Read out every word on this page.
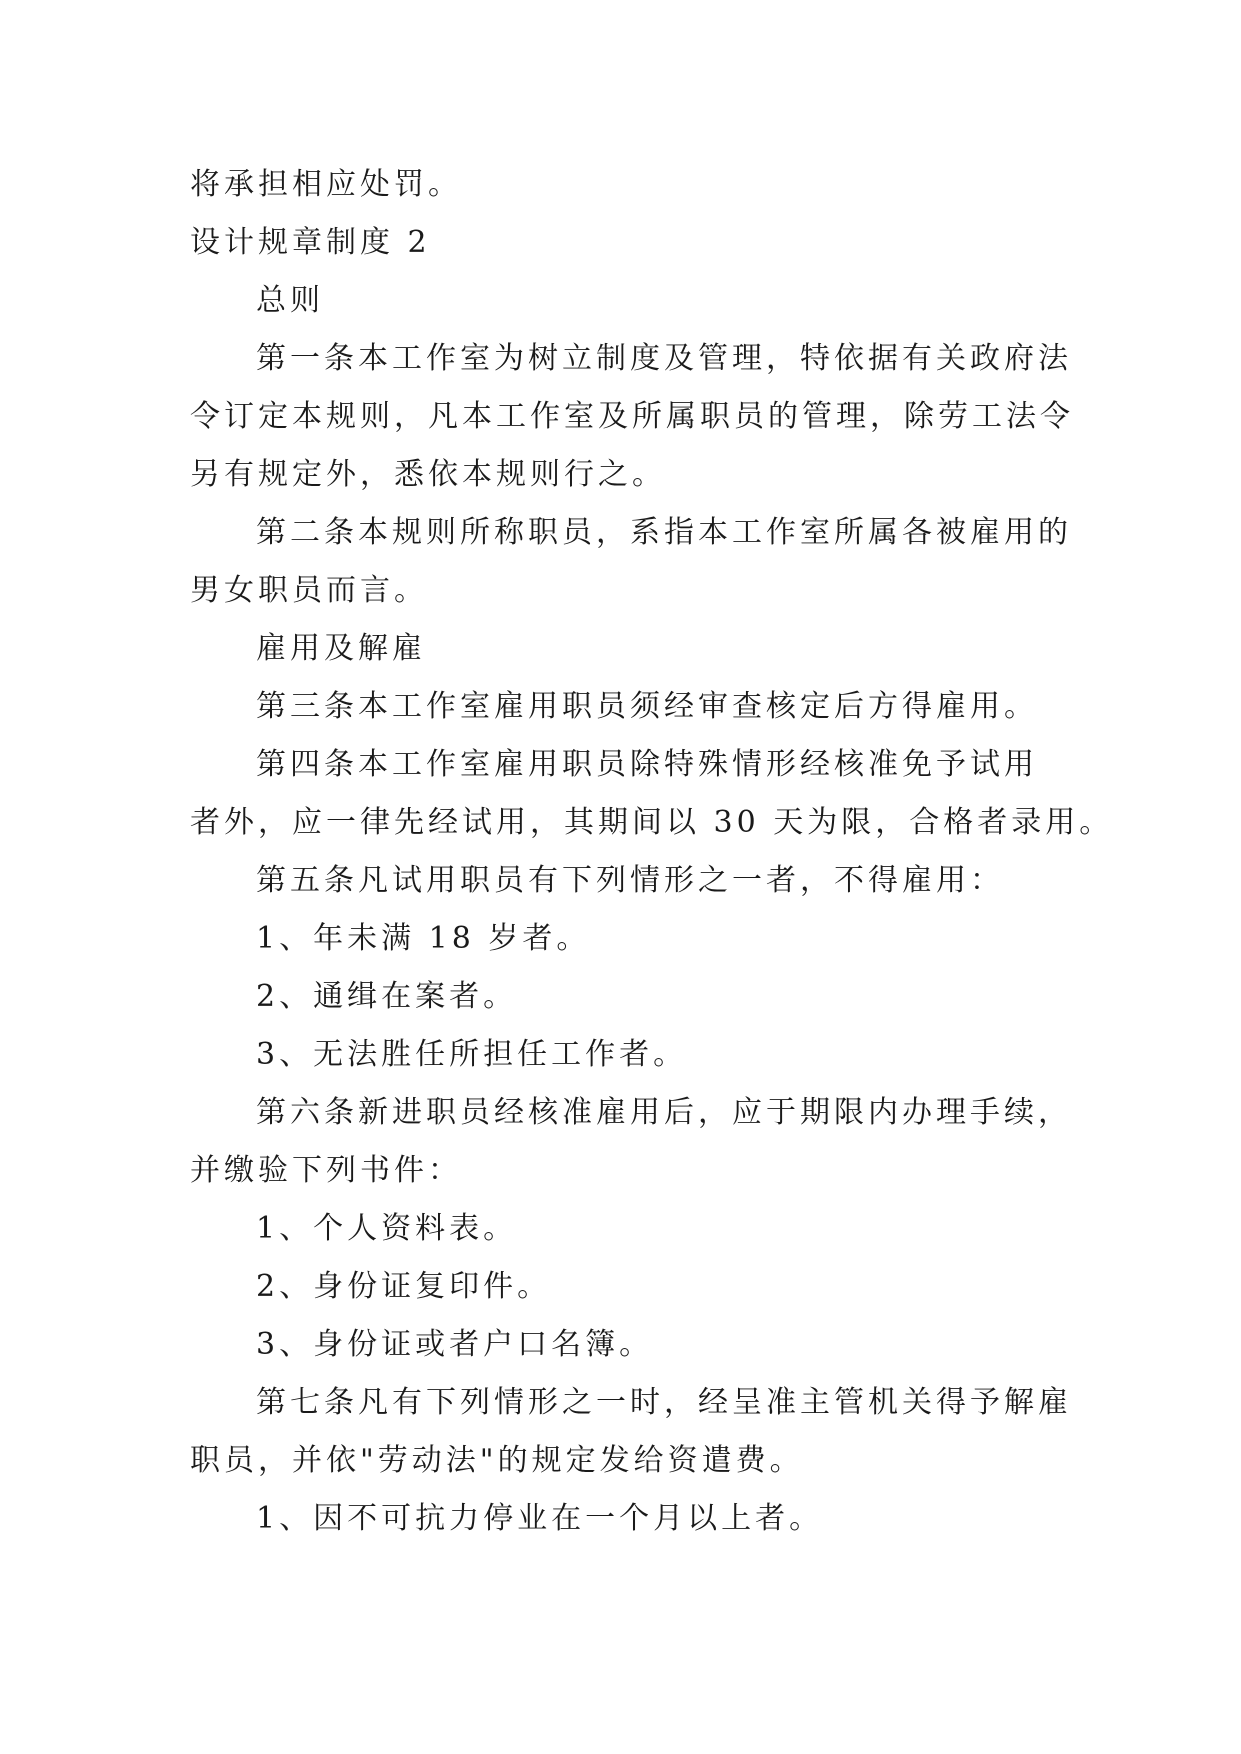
将承担相应处罚。
设计规章制度 2
总则
第一条本工作室为树立制度及管理，特依据有关政府法
令订定本规则，凡本工作室及所属职员的管理，除劳工法令
另有规定外，悉依本规则行之。
第二条本规则所称职员，系指本工作室所属各被雇用的
男女职员而言。
雇用及解雇
第三条本工作室雇用职员须经审查核定后方得雇用。
第四条本工作室雇用职员除特殊情形经核准免予试用
者外，应一律先经试用，其期间以 30 天为限，合格者录用。
第五条凡试用职员有下列情形之一者，不得雇用：
1、年未满 18 岁者。
2、通缉在案者。
3、无法胜任所担任工作者。
第六条新进职员经核准雇用后，应于期限内办理手续，
并缴验下列书件：
1、个人资料表。
2、身份证复印件。
3、身份证或者户口名簿。
第七条凡有下列情形之一时，经呈准主管机关得予解雇
职员，并依"劳动法"的规定发给资遣费。
1、因不可抗力停业在一个月以上者。
